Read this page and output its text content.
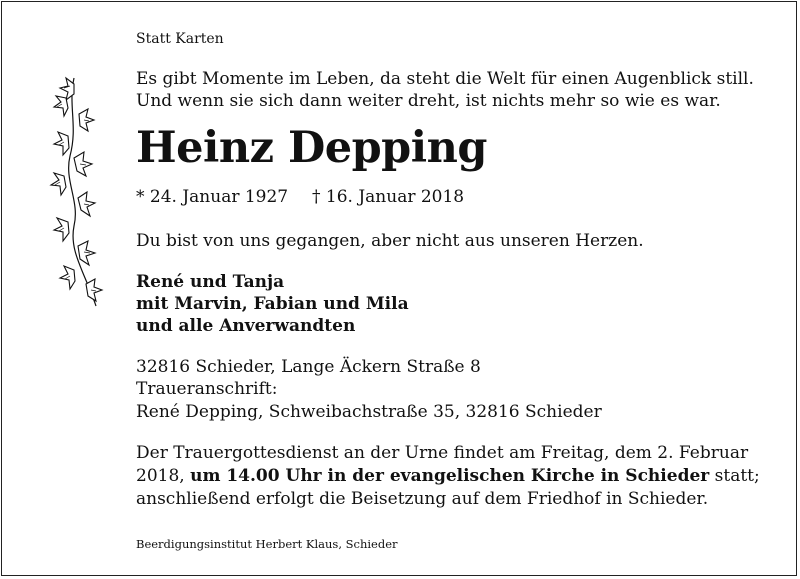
Statt Karten
Es gibt Momente im Leben, da steht die Welt für einen Augenblick still.
Und wenn sie sich dann weiter dreht, ist nichts mehr so wie es war.
Heinz Depping
* 24. Januar 1927 † 16. Januar 2018
Du bist von uns gegangen, aber nicht aus unseren Herzen.
René und Tanja
mit Marvin, Fabian und Mila
und alle Anverwandten
32816 Schieder, Lange Äckern Straße 8
Traueranschrift:
René Depping, Schweibachstraße 35, 32816 Schieder
Der Trauergottesdienst an der Urne findet am Freitag, dem 2. Februar
2018, um 14.00 Uhr in der evangelischen Kirche in Schieder statt;
anschließend erfolgt die Beisetzung auf dem Friedhof in Schieder.
Beerdigungsinstitut Herbert Klaus, Schieder
